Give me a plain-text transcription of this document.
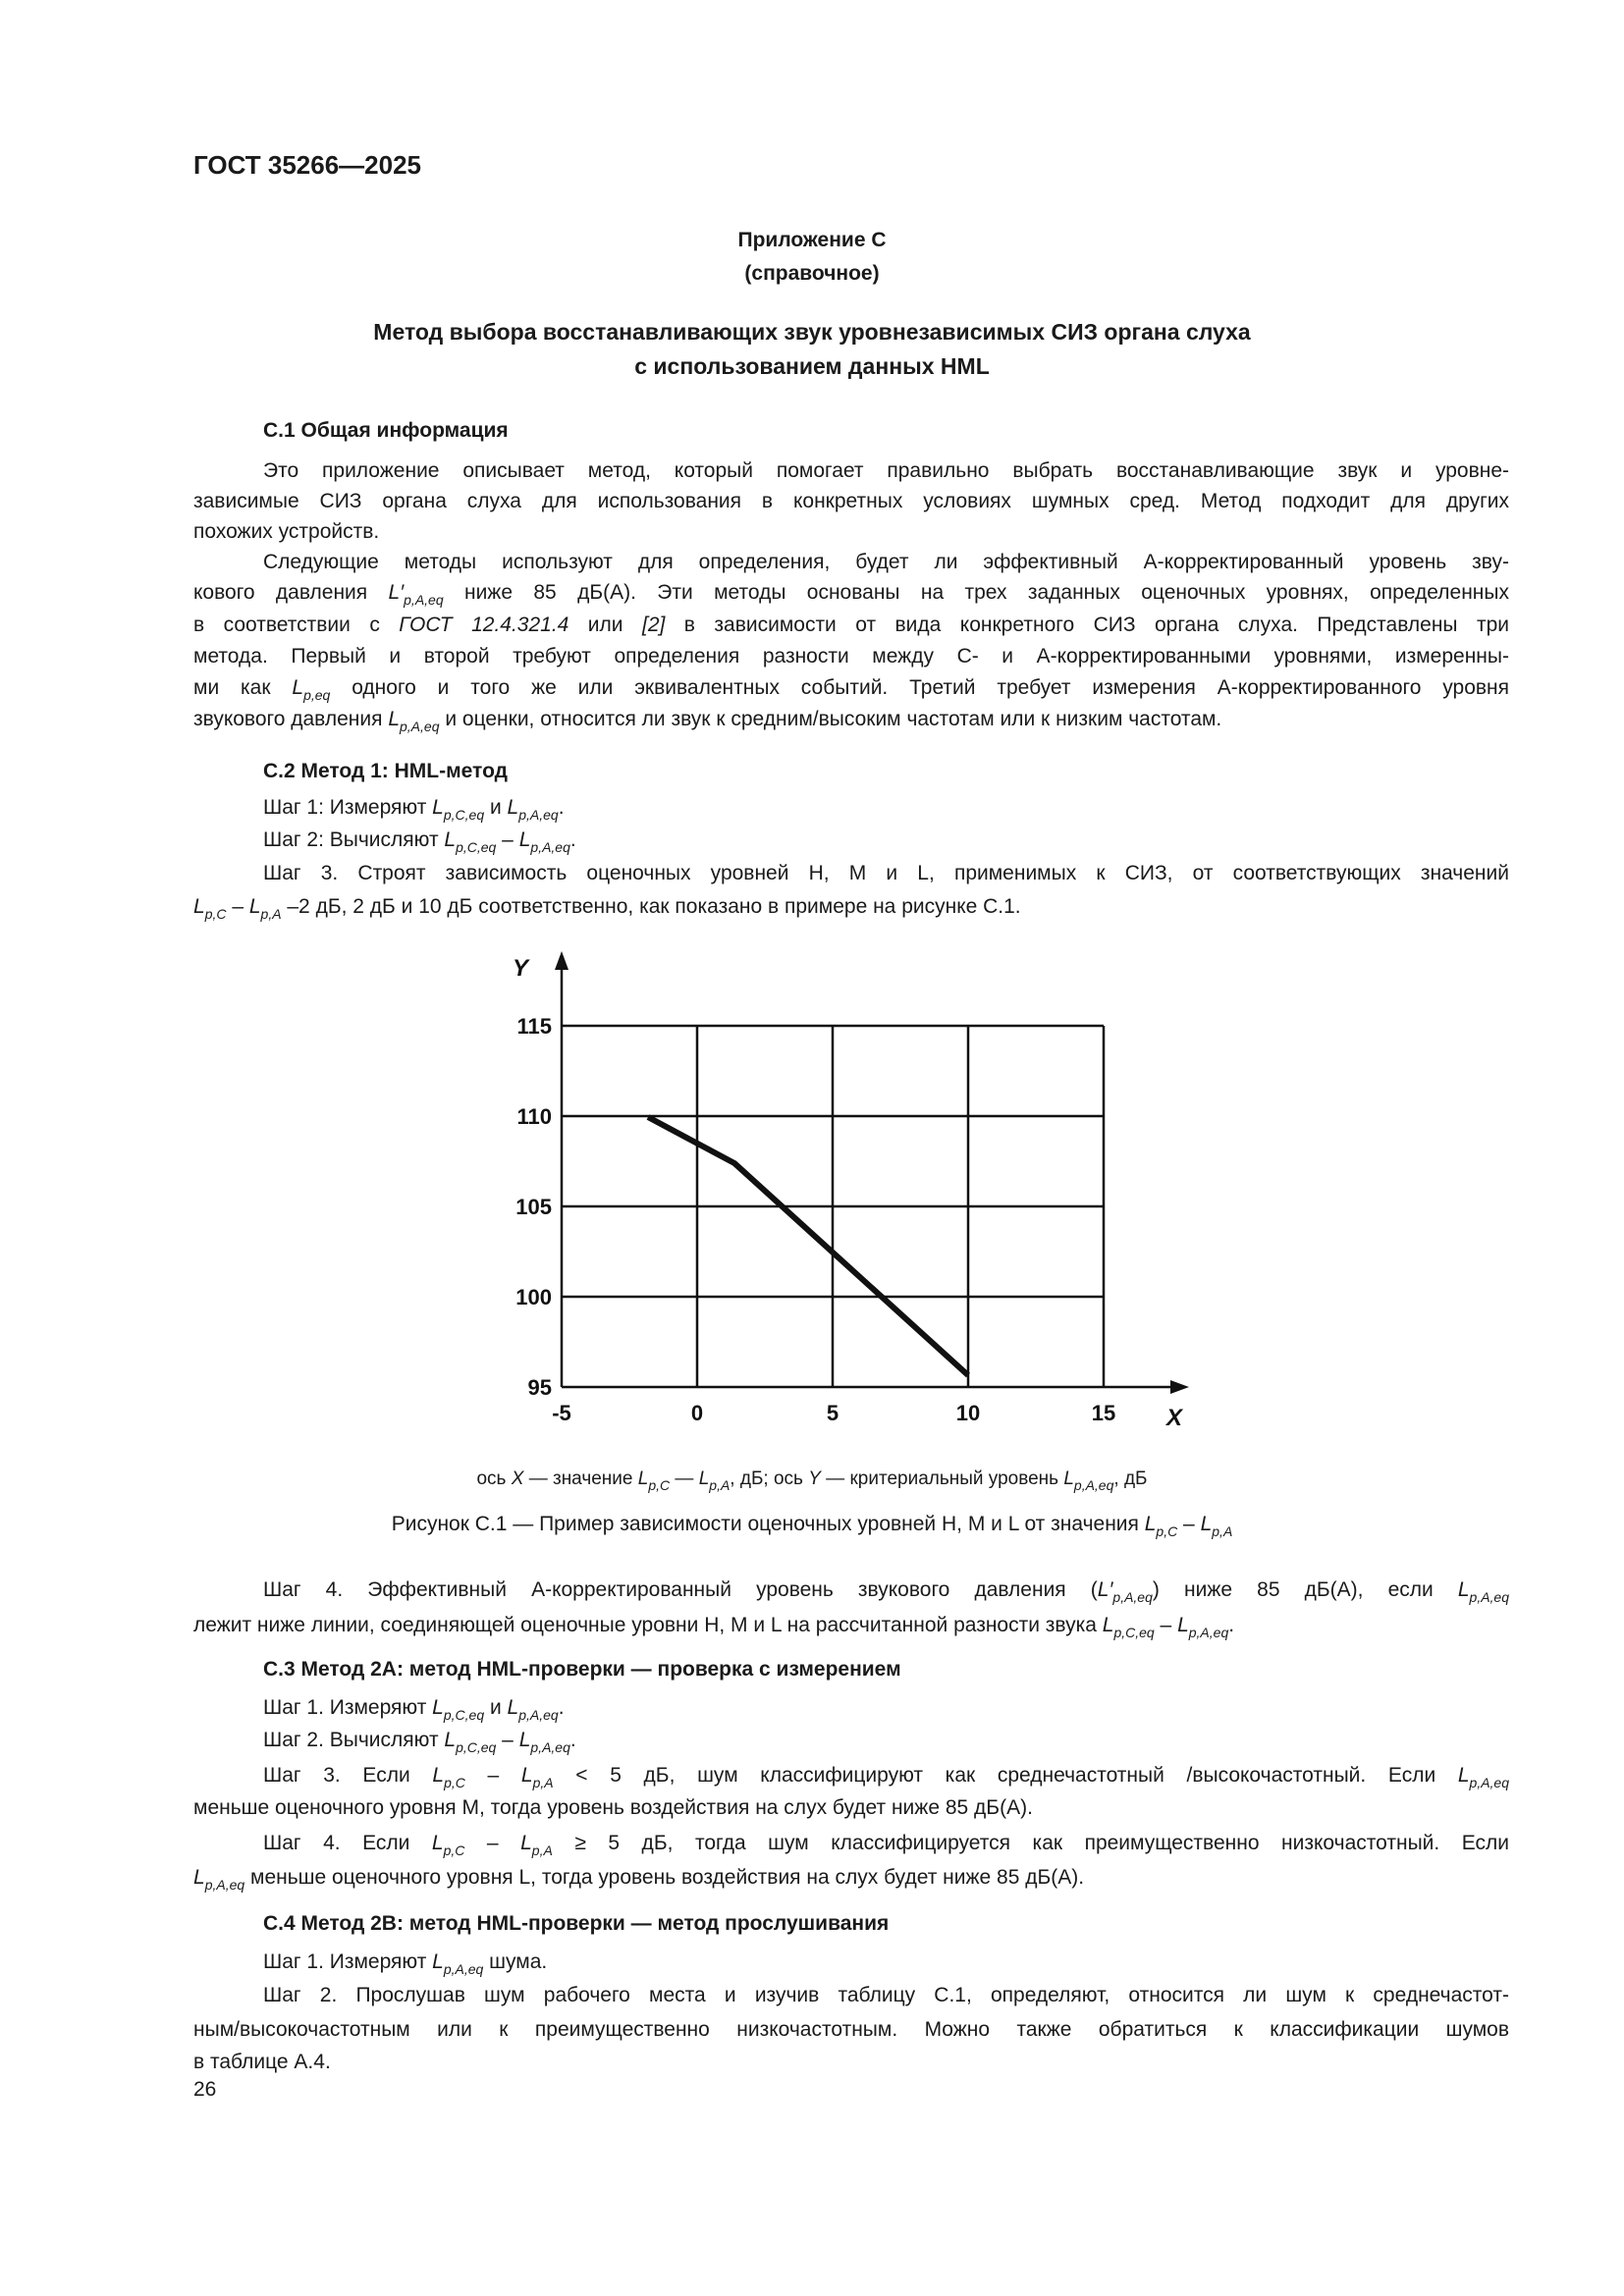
ГОСТ 35266—2025
Приложение С
(справочное)
Метод выбора восстанавливающих звук уровнезависимых СИЗ органа слуха
с использованием данных HML
С.1 Общая информация
Это приложение описывает метод, который помогает правильно выбрать восстанавливающие звук и уровне-
зависимые СИЗ органа слуха для использования в конкретных условиях шумных сред. Метод подходит для других
похожих устройств.
Следующие методы используют для определения, будет ли эффективный А-корректированный уровень зву-
кового давления $L'_{p,A,eq}$ ниже 85 дБ(А). Эти методы основаны на трех заданных оценочных уровнях, определенных
в соответствии с ГОСТ 12.4.321.4 или [2] в зависимости от вида конкретного СИЗ органа слуха. Представлены три
метода. Первый и второй требуют определения разности между С- и А-корректированными уровнями, измеренны-
ми как $L_{p,eq}$ одного и того же или эквивалентных событий. Третий требует измерения А-корректированного уровня
звукового давления $L_{p,A,eq}$ и оценки, относится ли звук к средним/высоким частотам или к низким частотам.
С.2 Метод 1: HML-метод
Шаг 1: Измеряют $L_{p,C,eq}$ и $L_{p,A,eq}$.
Шаг 2: Вычисляют $L_{p,C,eq} - L_{p,A,eq}$.
Шаг 3. Строят зависимость оценочных уровней H, M и L, применимых к СИЗ, от соответствующих значений
$L_{p,C} - L_{p,A}$ –2 дБ, 2 дБ и 10 дБ соответственно, как показано в примере на рисунке С.1.
115
110
105
100
95
-5	0	5	10	15
Y
X
ось X — значение $L_{p,C}$ — $L_{p,A}$, дБ; ось Y — критериальный уровень $L_{p,A,eq}$, дБ
Рисунок С.1 — Пример зависимости оценочных уровней H, M и L от значения $L_{p,C} - L_{p,A}$
Шаг 4. Эффективный А-корректированный уровень звукового давления $(L'_{p,A,eq})$ ниже 85 дБ(А), если $L_{p,A,eq}$
лежит ниже линии, соединяющей оценочные уровни H, M и L на рассчитанной разности звука $L_{p,C,eq} - L_{p,A,eq}$.
С.3 Метод 2А: метод HML-проверки — проверка с измерением
Шаг 1. Измеряют $L_{p,C,eq}$ и $L_{p,A,eq}$.
Шаг 2. Вычисляют $L_{p,C,eq} - L_{p,A,eq}$.
Шаг 3. Если $L_{p,C} - L_{p,A} < 5$ дБ, шум классифицируют как среднечастотный /высокочастотный. Если $L_{p,A,eq}$
меньше оценочного уровня M, тогда уровень воздействия на слух будет ниже 85 дБ(А).
Шаг 4. Если $L_{p,C} - L_{p,A} \ge 5$ дБ, тогда шум классифицируется как преимущественно низкочастотный. Если
$L_{p,A,eq}$ меньше оценочного уровня L, тогда уровень воздействия на слух будет ниже 85 дБ(А).
С.4 Метод 2В: метод HML-проверки — метод прослушивания
Шаг 1. Измеряют $L_{p,A,eq}$ шума.
Шаг 2. Прослушав шум рабочего места и изучив таблицу С.1, определяют, относится ли шум к среднечастот-
ным/высокочастотным или к преимущественно низкочастотным. Можно также обратиться к классификации шумов
в таблице А.4.
26
